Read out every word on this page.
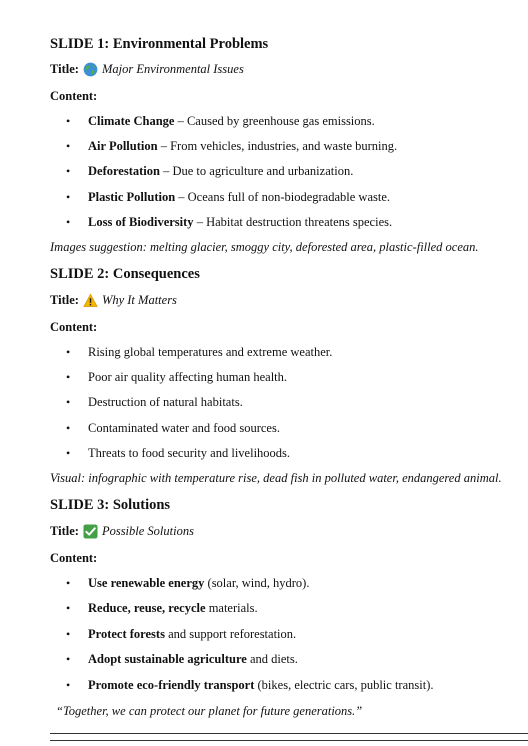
SLIDE 1: Environmental Problems
Title: Major Environmental Issues
Content:
• Climate Change – Caused by greenhouse gas emissions.
• Air Pollution – From vehicles, industries, and waste burning.
• Deforestation – Due to agriculture and urbanization.
• Plastic Pollution – Oceans full of non-biodegradable waste.
• Loss of Biodiversity – Habitat destruction threatens species.
Images suggestion: melting glacier, smoggy city, deforested area, plastic-filled ocean.
SLIDE 2: Consequences
Title: Why It Matters
Content:
• Rising global temperatures and extreme weather.
• Poor air quality affecting human health.
• Destruction of natural habitats.
• Contaminated water and food sources.
• Threats to food security and livelihoods.
Visual: infographic with temperature rise, dead fish in polluted water, endangered animal.
SLIDE 3: Solutions
Title: Possible Solutions
Content:
• Use renewable energy (solar, wind, hydro).
• Reduce, reuse, recycle materials.
• Protect forests and support reforestation.
• Adopt sustainable agriculture and diets.
• Promote eco-friendly transport (bikes, electric cars, public transit).
“Together, we can protect our planet for future generations.”
